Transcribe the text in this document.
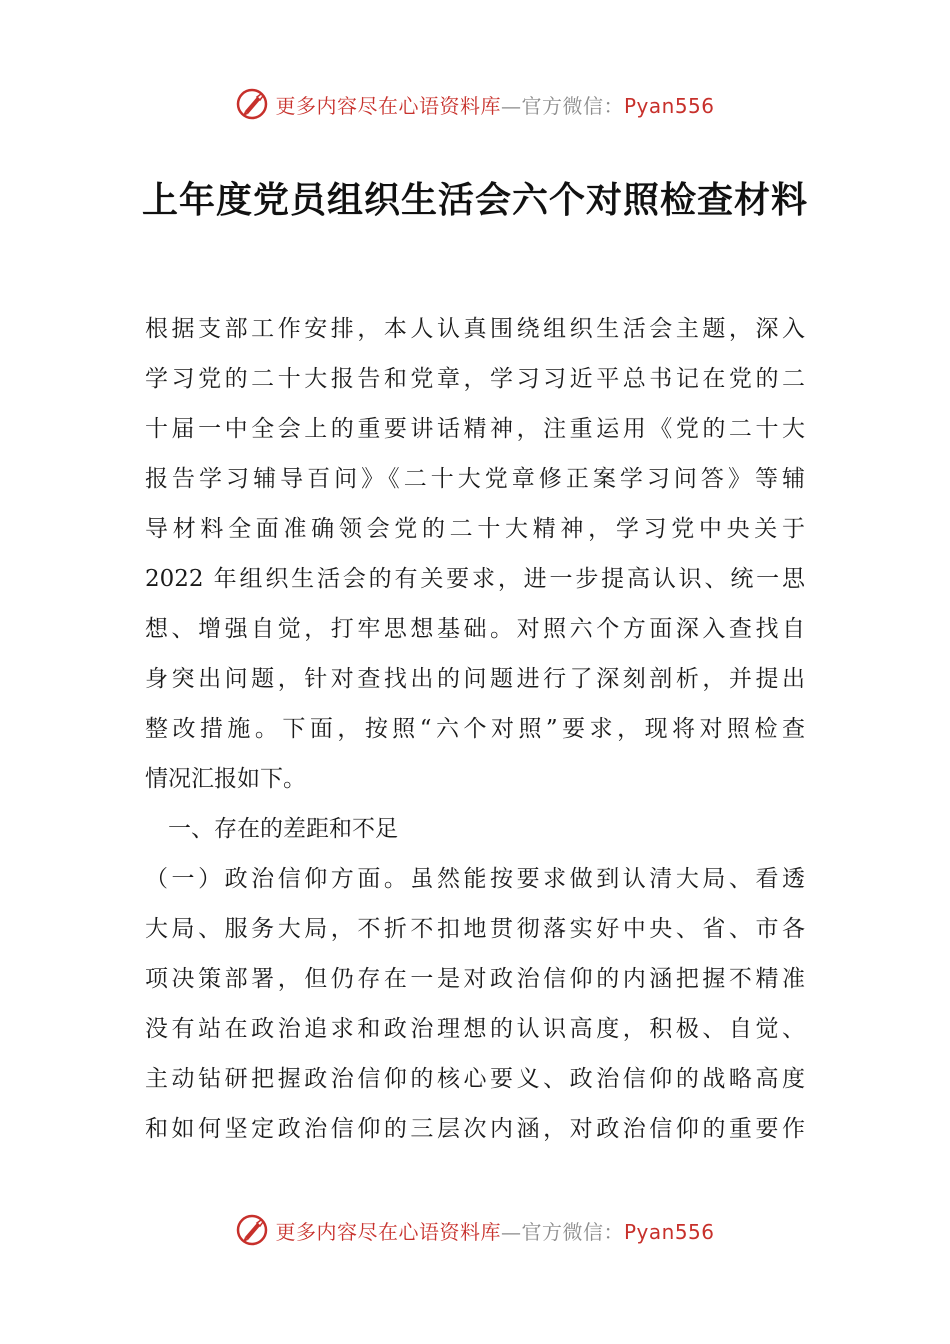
更多内容尽在心语资料库—官方微信：Pyan556
上年度党员组织生活会六个对照检查材料
根据支部工作安排，本人认真围绕组织生活会主题，深入
学习党的二十大报告和党章，学习习近平总书记在党的二
十届一中全会上的重要讲话精神，注重运用《党的二十大
报告学习辅导百问》《二十大党章修正案学习问答》等辅
导材料全面准确领会党的二十大精神，学习党中央关于
2022 年组织生活会的有关要求，进一步提高认识、统一思
想、增强自觉，打牢思想基础。对照六个方面深入查找自
身突出问题，针对查找出的问题进行了深刻剖析，并提出
整改措施。下面，按照“六个对照”要求，现将对照检查
情况汇报如下。
　一、存在的差距和不足
（一）政治信仰方面。虽然能按要求做到认清大局、看透
大局、服务大局，不折不扣地贯彻落实好中央、省、市各
项决策部署，但仍存在一是对政治信仰的内涵把握不精准
没有站在政治追求和政治理想的认识高度，积极、自觉、
主动钻研把握政治信仰的核心要义、政治信仰的战略高度
和如何坚定政治信仰的三层次内涵，对政治信仰的重要作
更多内容尽在心语资料库—官方微信：Pyan556
